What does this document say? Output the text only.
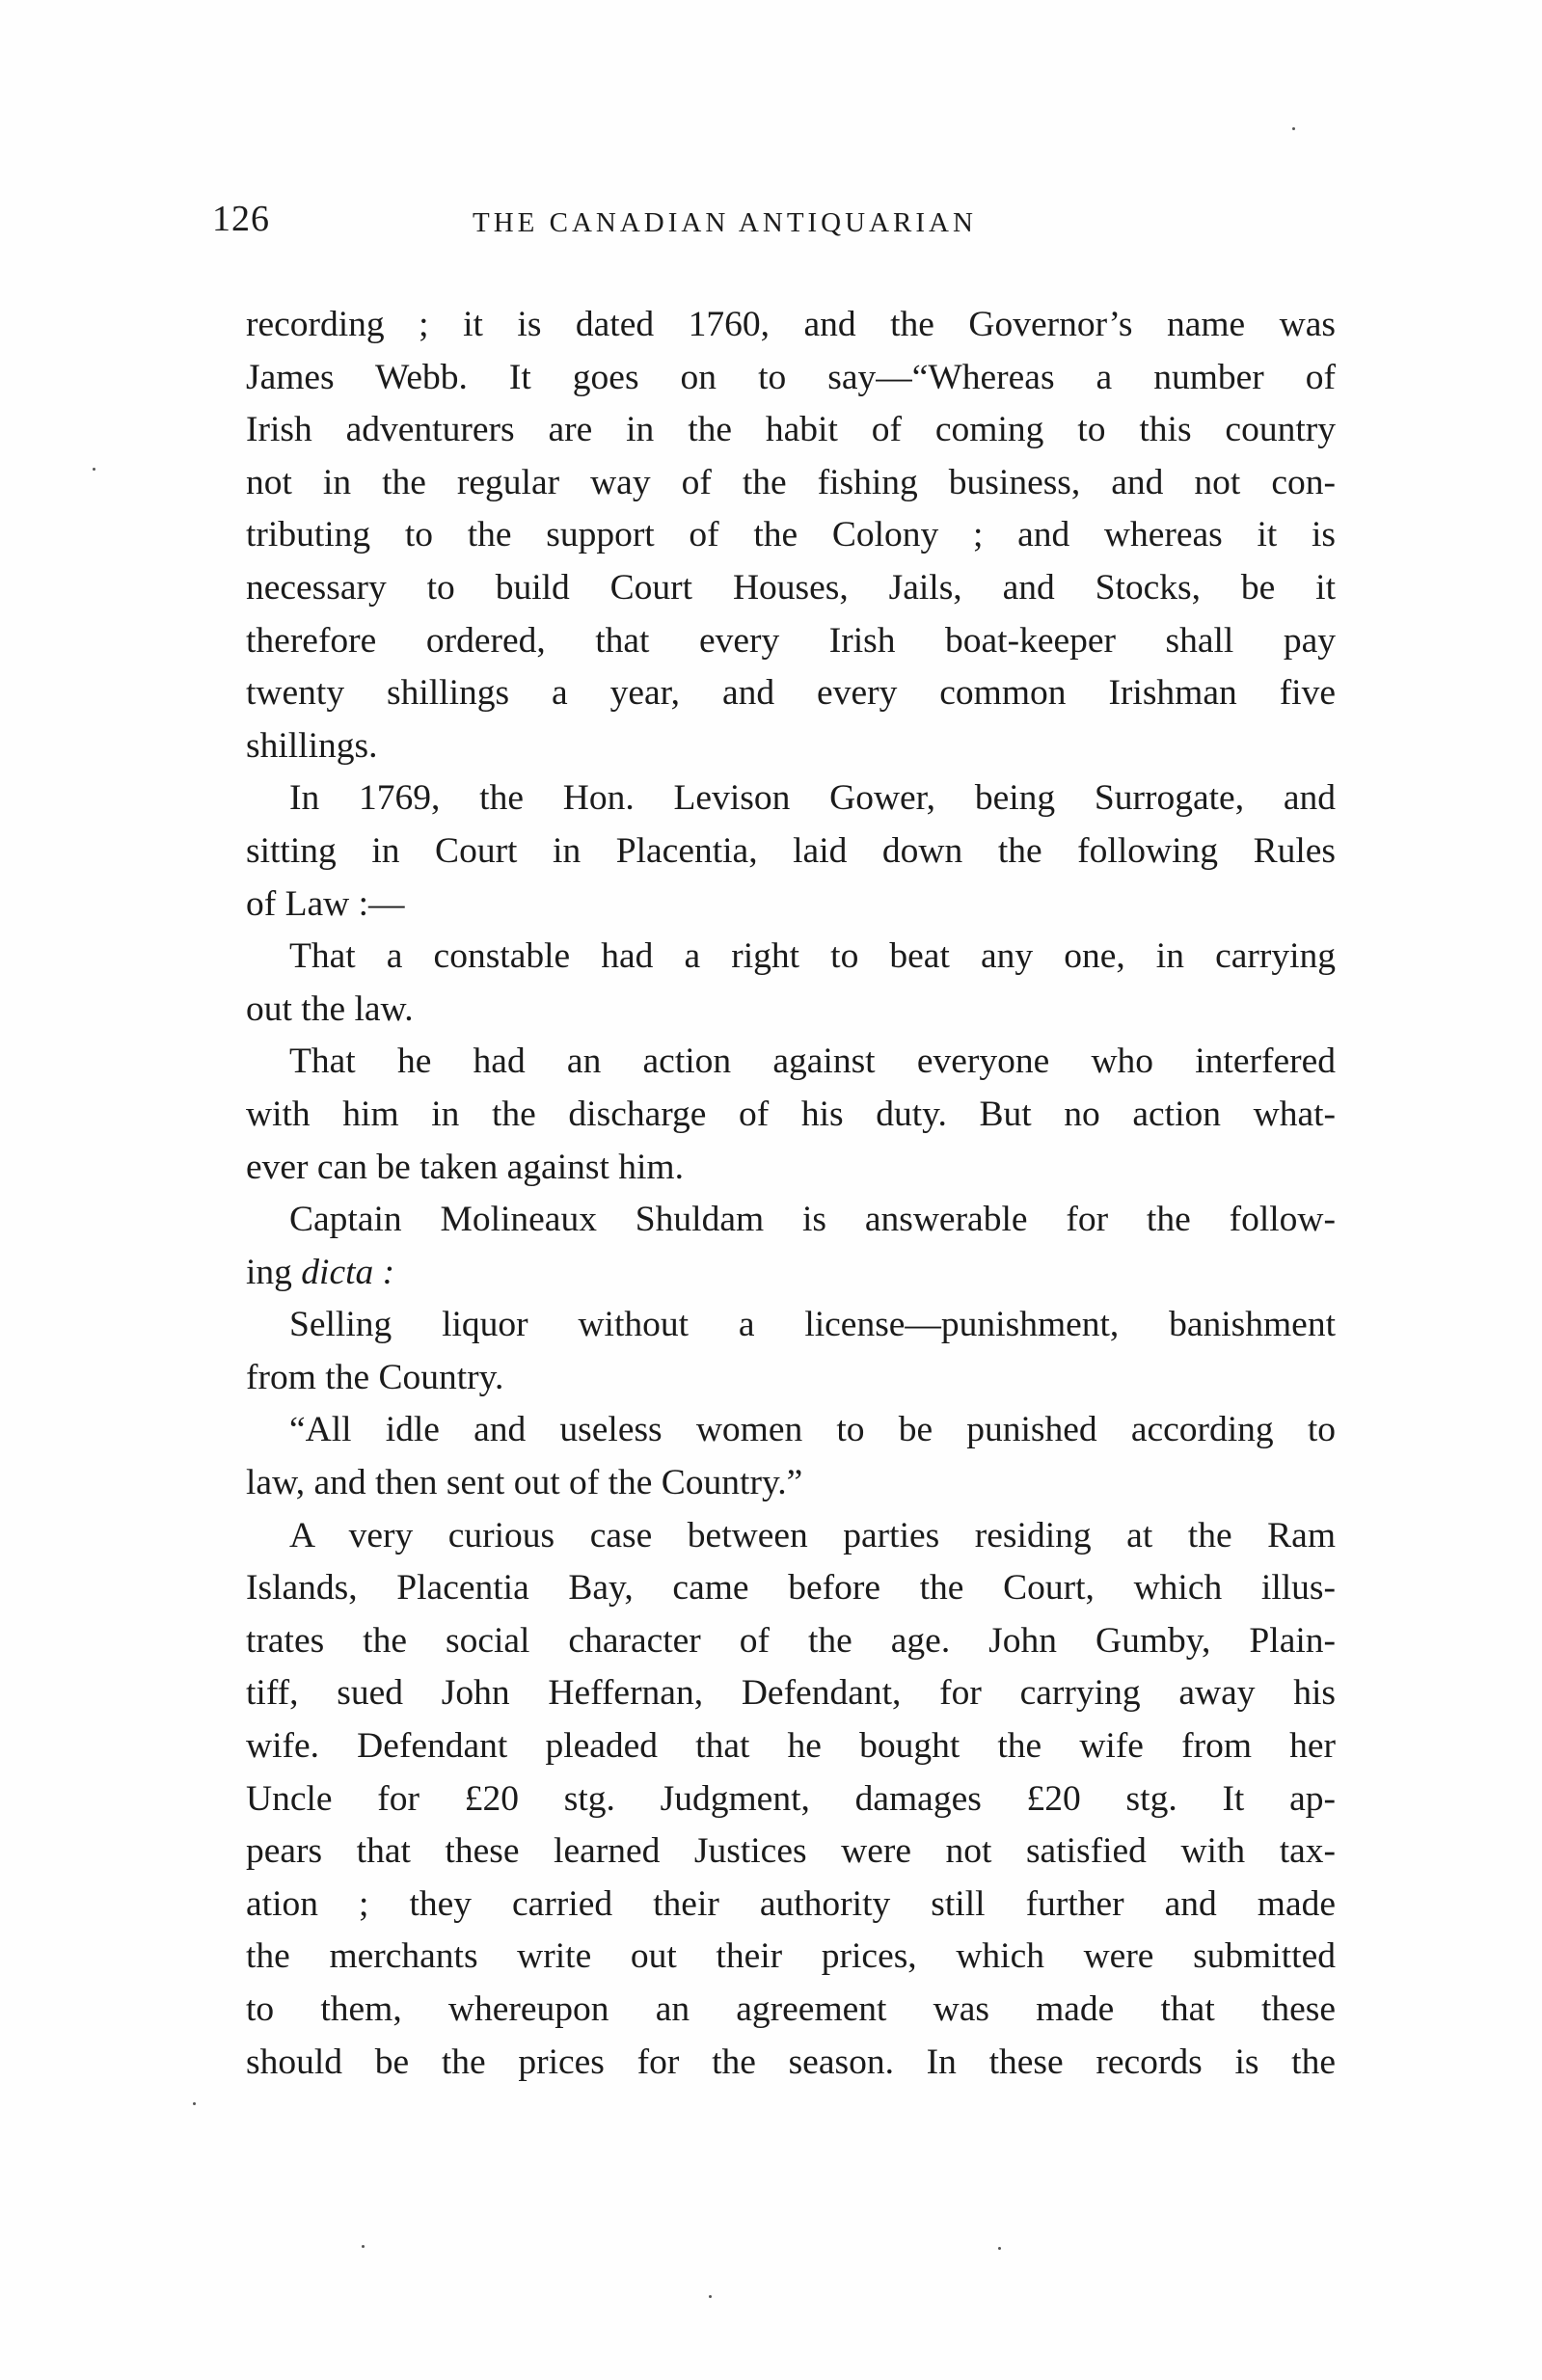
126	THE CANADIAN ANTIQUARIAN
recording ; it is dated 1760, and the Governor’s name was
James Webb. It goes on to say—“Whereas a number of
Irish adventurers are in the habit of coming to this country
not in the regular way of the fishing business, and not con-
tributing to the support of the Colony ; and whereas it is
necessary to build Court Houses, Jails, and Stocks, be it
therefore ordered, that every Irish boat-keeper shall pay
twenty shillings a year, and every common Irishman five
shillings.
In 1769, the Hon. Levison Gower, being Surrogate, and
sitting in Court in Placentia, laid down the following Rules
of Law :—
That a constable had a right to beat any one, in carrying
out the law.
That he had an action against everyone who interfered
with him in the discharge of his duty. But no action what-
ever can be taken against him.
Captain Molineaux Shuldam is answerable for the follow-
ing dicta :
Selling liquor without a license—punishment, banishment
from the Country.
“All idle and useless women to be punished according to
law, and then sent out of the Country.”
A very curious case between parties residing at the Ram
Islands, Placentia Bay, came before the Court, which illus-
trates the social character of the age. John Gumby, Plain-
tiff, sued John Heffernan, Defendant, for carrying away his
wife. Defendant pleaded that he bought the wife from her
Uncle for £20 stg. Judgment, damages £20 stg. It ap-
pears that these learned Justices were not satisfied with tax-
ation ; they carried their authority still further and made
the merchants write out their prices, which were submitted
to them, whereupon an agreement was made that these
should be the prices for the season. In these records is the
